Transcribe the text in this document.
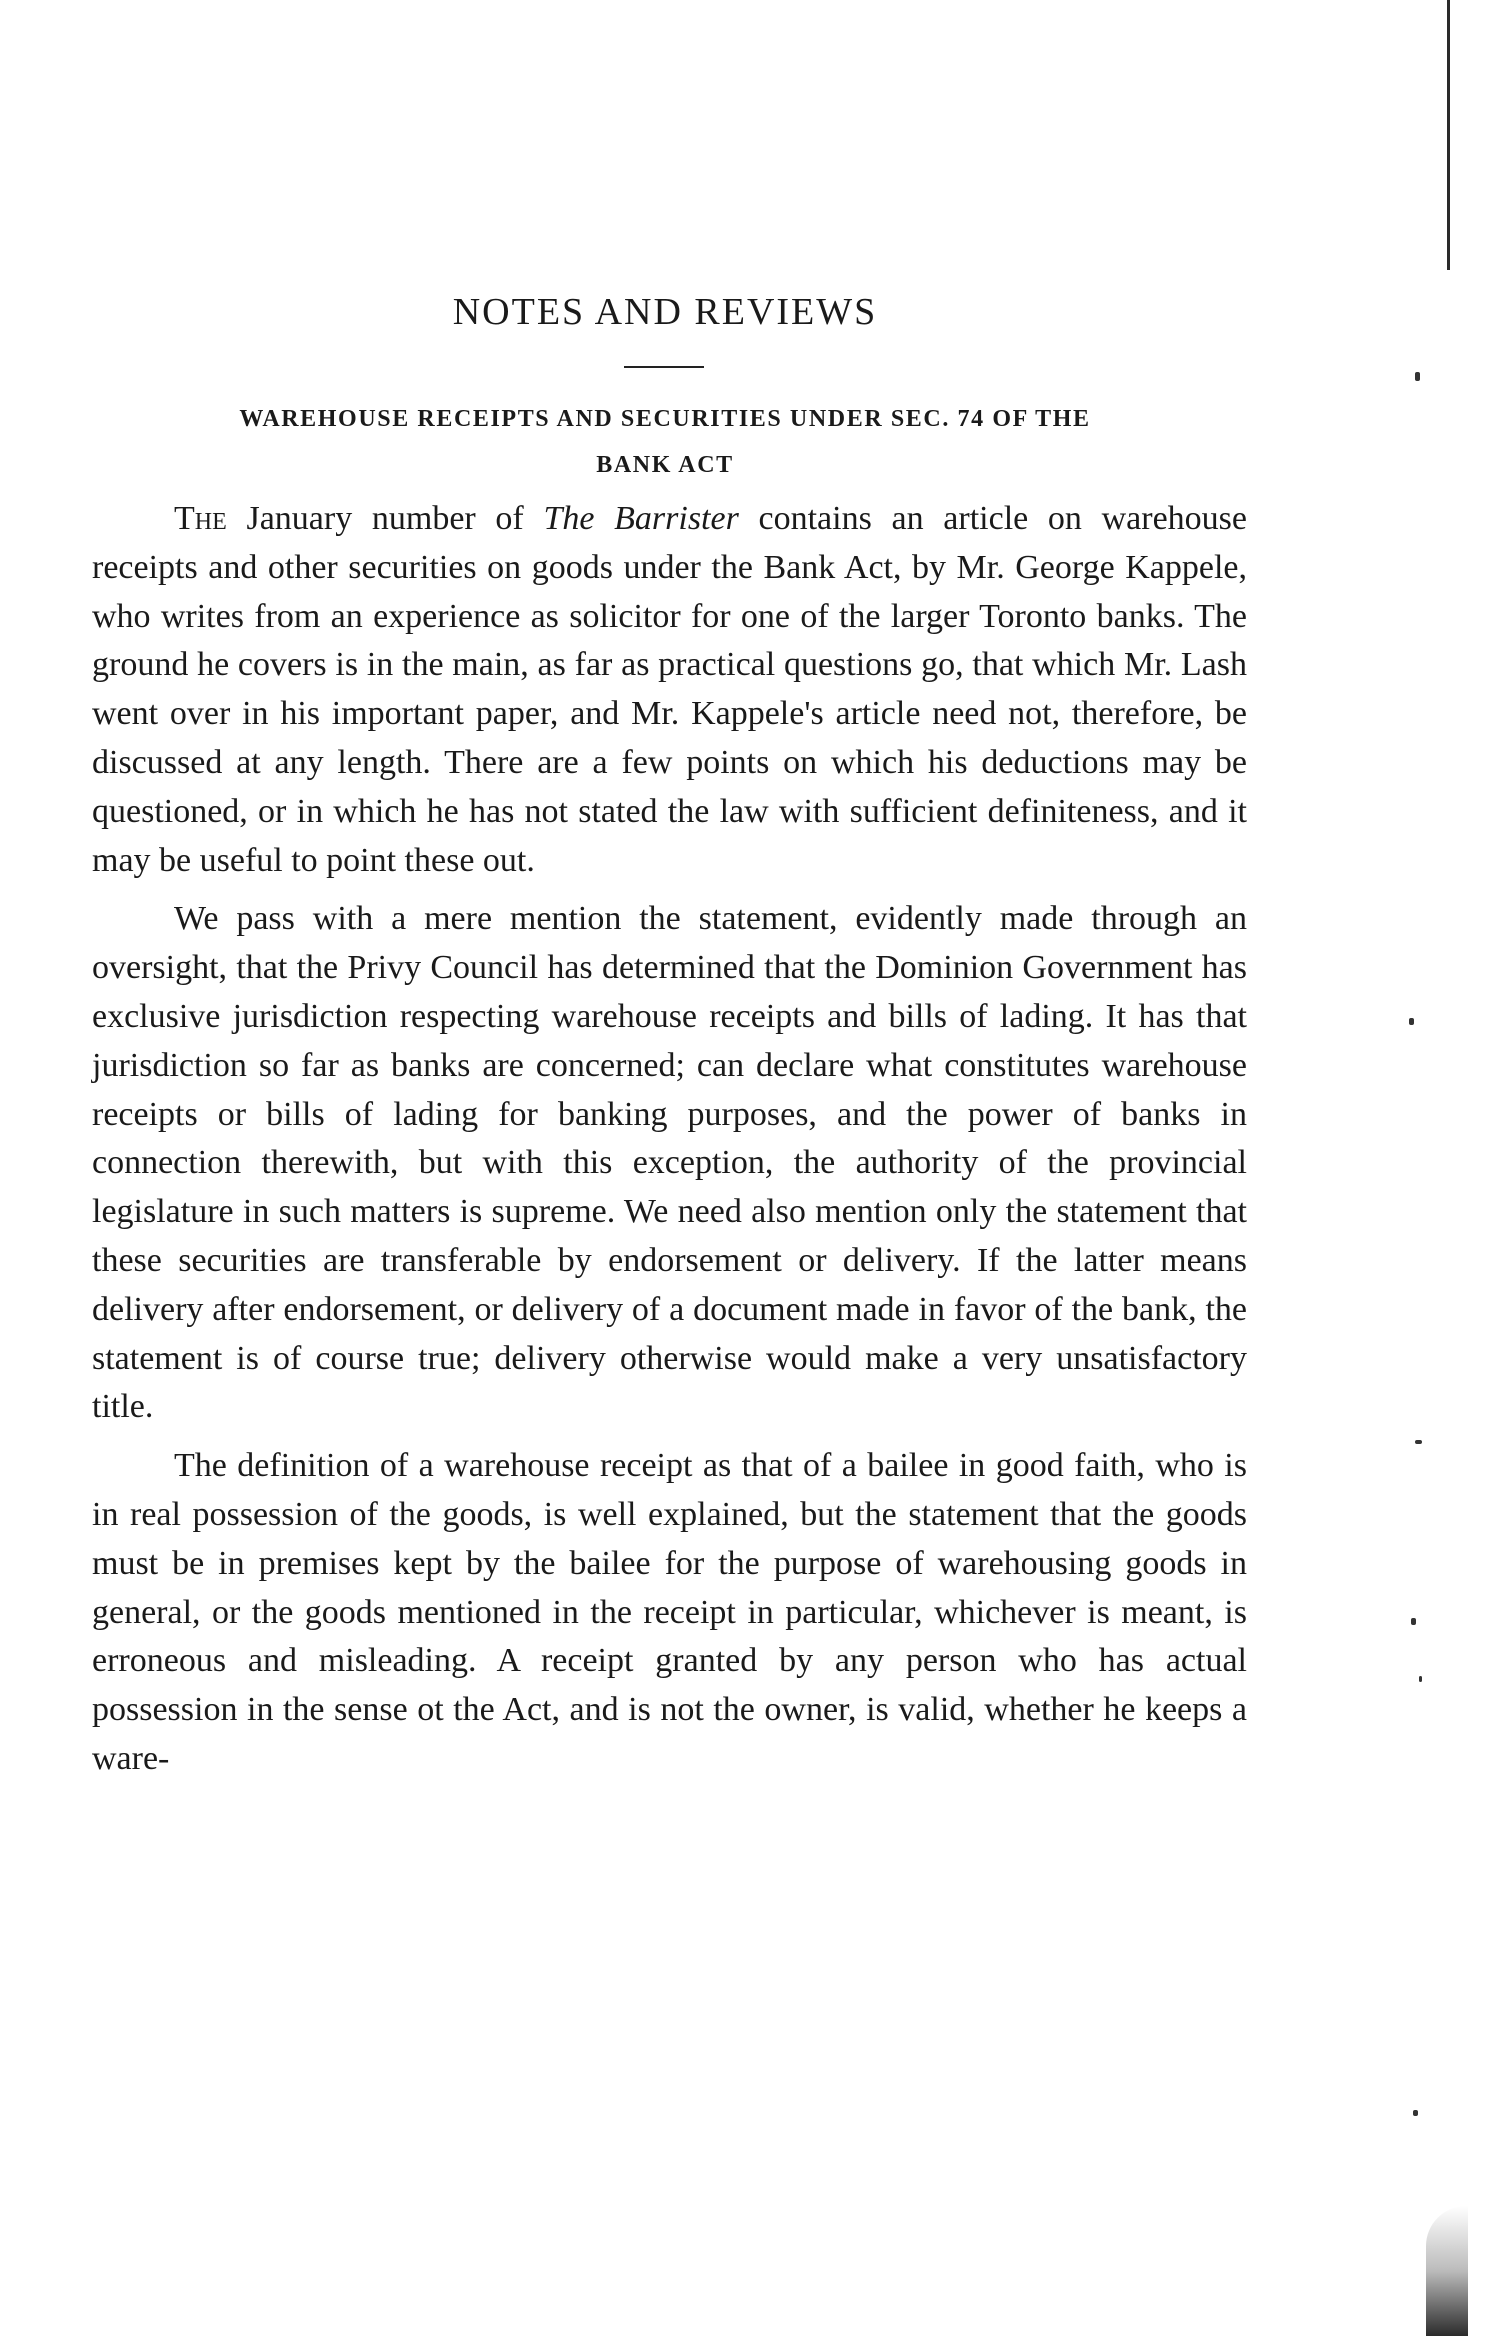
NOTES AND REVIEWS
WAREHOUSE RECEIPTS AND SECURITIES UNDER SEC. 74 OF THE
BANK ACT

The January number of The Barrister contains an article on warehouse receipts and other securities on goods under the Bank Act, by Mr. George Kappele, who writes from an experience as solicitor for one of the larger Toronto banks. The ground he covers is in the main, as far as practical questions go, that which Mr. Lash went over in his important paper, and Mr. Kappele's article need not, therefore, be discussed at any length. There are a few points on which his deductions may be questioned, or in which he has not stated the law with sufficient definiteness, and it may be useful to point these out.

We pass with a mere mention the statement, evidently made through an oversight, that the Privy Council has determined that the Dominion Government has exclusive jurisdiction respecting warehouse receipts and bills of lading. It has that jurisdiction so far as banks are concerned; can declare what constitutes warehouse receipts or bills of lading for banking purposes, and the power of banks in connection therewith, but with this exception, the authority of the provincial legislature in such matters is supreme. We need also mention only the statement that these securities are transferable by endorsement or delivery. If the latter means delivery after endorsement, or delivery of a document made in favor of the bank, the statement is of course true; delivery otherwise would make a very unsatisfactory title.

The definition of a warehouse receipt as that of a bailee in good faith, who is in real possession of the goods, is well explained, but the statement that the goods must be in premises kept by the bailee for the purpose of warehousing goods in general, or the goods mentioned in the receipt in particular, whichever is meant, is erroneous and misleading. A receipt granted by any person who has actual possession in the sense ot the Act, and is not the owner, is valid, whether he keeps a ware-
